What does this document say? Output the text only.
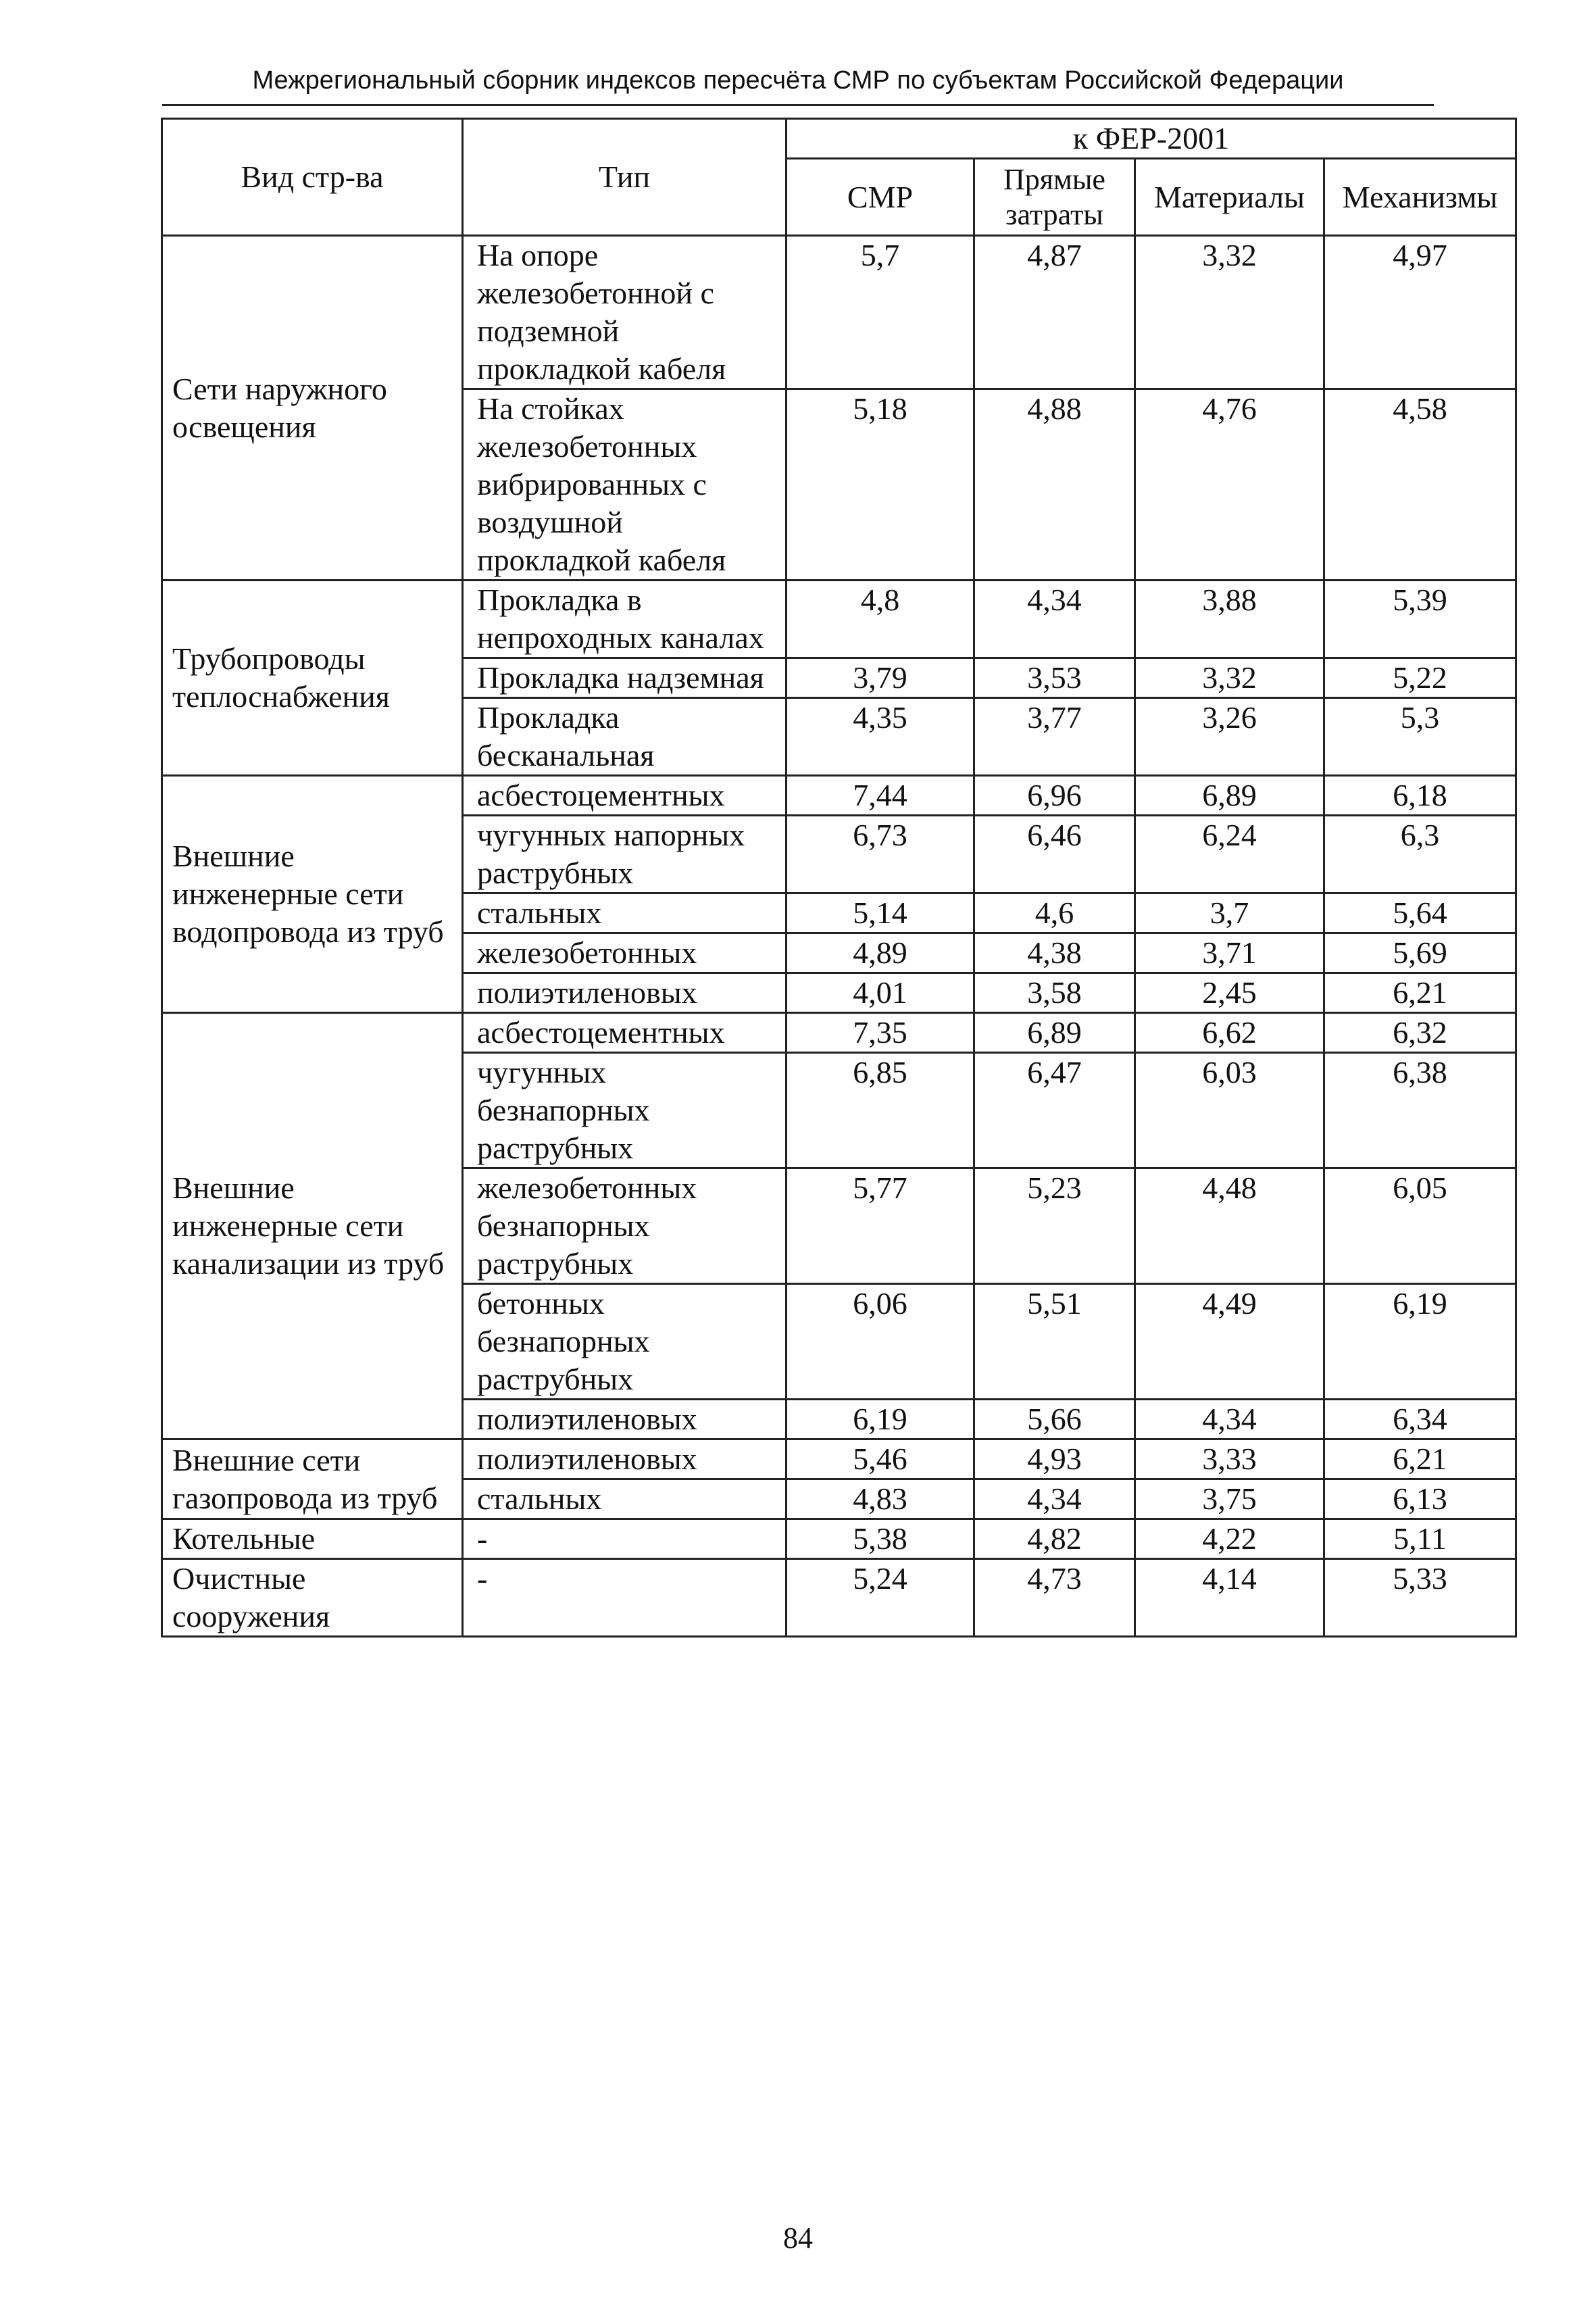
Межрегиональный сборник индексов пересчёта СМР по субъектам Российской Федерации
Вид стр-ва	Тип	к ФЕР-2001			
		СМР	Прямые затраты	Материалы	Механизмы
Сети наружного освещения	На опоре железобетонной с подземной прокладкой кабеля	5,7	4,87	3,32	4,97
	На стойках железобетонных вибрированных с воздушной прокладкой кабеля	5,18	4,88	4,76	4,58
Трубопроводы теплоснабжения	Прокладка в непроходных каналах	4,8	4,34	3,88	5,39
	Прокладка надземная	3,79	3,53	3,32	5,22
	Прокладка бесканальная	4,35	3,77	3,26	5,3
Внешние инженерные сети водопровода из труб	асбестоцементных	7,44	6,96	6,89	6,18
	чугунных напорных раструбных	6,73	6,46	6,24	6,3
	стальных	5,14	4,6	3,7	5,64
	железобетонных	4,89	4,38	3,71	5,69
	полиэтиленовых	4,01	3,58	2,45	6,21
Внешние инженерные сети канализации из труб	асбестоцементных	7,35	6,89	6,62	6,32
	чугунных безнапорных раструбных	6,85	6,47	6,03	6,38
	железобетонных безнапорных раструбных	5,77	5,23	4,48	6,05
	бетонных безнапорных раструбных	6,06	5,51	4,49	6,19
	полиэтиленовых	6,19	5,66	4,34	6,34
Внешние сети газопровода из труб	полиэтиленовых	5,46	4,93	3,33	6,21
	стальных	4,83	4,34	3,75	6,13
Котельные	-	5,38	4,82	4,22	5,11
Очистные сооружения	-	5,24	4,73	4,14	5,33
84
